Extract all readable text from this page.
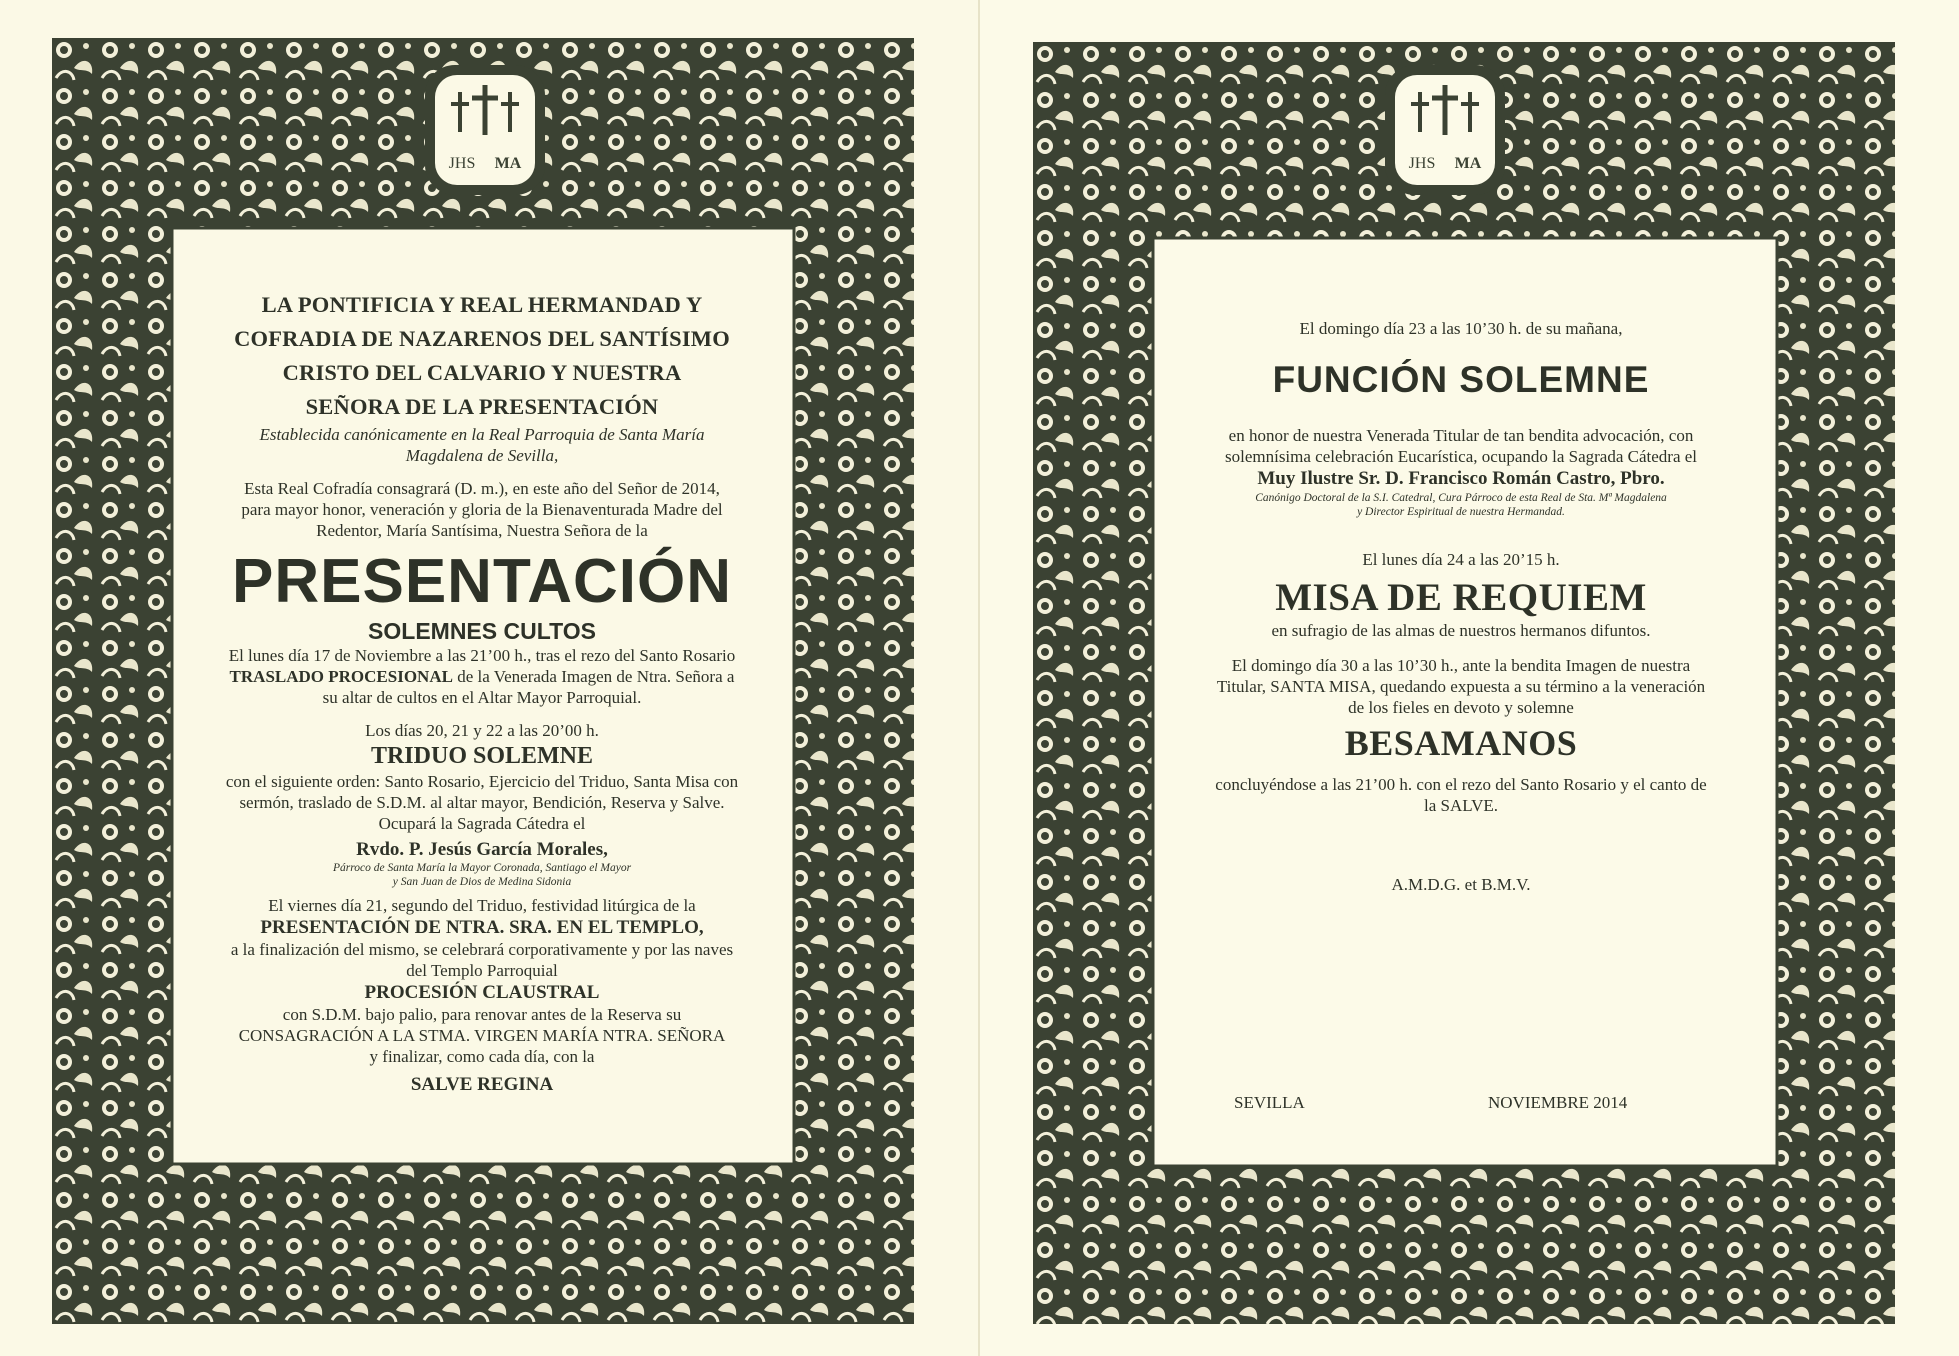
JHS MA
LA PONTIFICIA Y REAL HERMANDAD Y
COFRADIA DE NAZARENOS DEL SANTÍSIMO
CRISTO DEL CALVARIO Y NUESTRA
SEÑORA DE LA PRESENTACIÓN
Establecida canónicamente en la Real Parroquia de Santa María
Magdalena de Sevilla,
Esta Real Cofradía consagrará (D. m.), en este año del Señor de 2014,
para mayor honor, veneración y gloria de la Bienaventurada Madre del
Redentor, María Santísima, Nuestra Señora de la
PRESENTACIÓN
SOLEMNES CULTOS
El lunes día 17 de Noviembre a las 21’00 h., tras el rezo del Santo Rosario
TRASLADO PROCESIONAL de la Venerada Imagen de Ntra. Señora a
su altar de cultos en el Altar Mayor Parroquial.
Los días 20, 21 y 22 a las 20’00 h.
TRIDUO SOLEMNE
con el siguiente orden: Santo Rosario, Ejercicio del Triduo, Santa Misa con
sermón, traslado de S.D.M. al altar mayor, Bendición, Reserva y Salve.
Ocupará la Sagrada Cátedra el
Rvdo. P. Jesús García Morales,
Párroco de Santa María la Mayor Coronada, Santiago el Mayor
y San Juan de Dios de Medina Sidonia
El viernes día 21, segundo del Triduo, festividad litúrgica de la
PRESENTACIÓN DE NTRA. SRA. EN EL TEMPLO,
a la finalización del mismo, se celebrará corporativamente y por las naves
del Templo Parroquial
PROCESIÓN CLAUSTRAL
con S.D.M. bajo palio, para renovar antes de la Reserva su
CONSAGRACIÓN A LA STMA. VIRGEN MARÍA NTRA. SEÑORA
y finalizar, como cada día, con la
SALVE REGINA
JHS MA
El domingo día 23 a las 10’30 h. de su mañana,
FUNCIÓN SOLEMNE
en honor de nuestra Venerada Titular de tan bendita advocación, con
solemnísima celebración Eucarística, ocupando la Sagrada Cátedra el
Muy Ilustre Sr. D. Francisco Román Castro, Pbro.
Canónigo Doctoral de la S.I. Catedral, Cura Párroco de esta Real de Sta. Mª Magdalena
y Director Espiritual de nuestra Hermandad.
El lunes día 24 a las 20’15 h.
MISA DE REQUIEM
en sufragio de las almas de nuestros hermanos difuntos.
El domingo día 30 a las 10’30 h., ante la bendita Imagen de nuestra
Titular, SANTA MISA, quedando expuesta a su término a la veneración
de los fieles en devoto y solemne
BESAMANOS
concluyéndose a las 21’00 h. con el rezo del Santo Rosario y el canto de
la SALVE.
A.M.D.G. et B.M.V.
SEVILLA	NOVIEMBRE 2014
